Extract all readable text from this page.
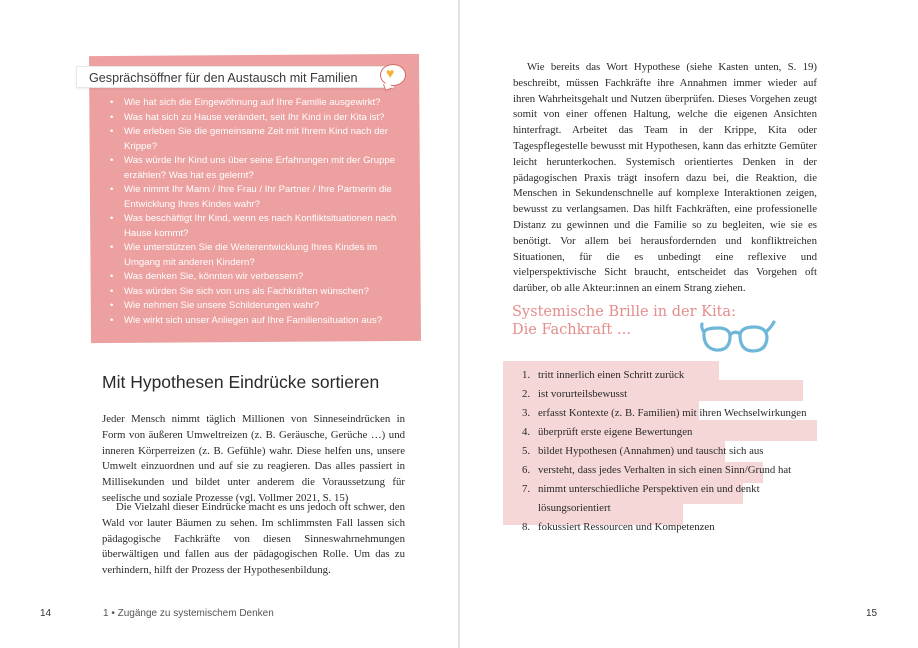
Gesprächsöffner für den Austausch mit Familien	♥
• Wie hat sich die Eingewöhnung auf Ihre Familie ausgewirkt?
• Was hat sich zu Hause verändert, seit Ihr Kind in der Kita ist?
• Wie erleben Sie die gemeinsame Zeit mit Ihrem Kind nach der Krippe?
• Was würde Ihr Kind uns über seine Erfahrungen mit der Gruppe erzählen? Was hat es gelernt?
• Wie nimmt Ihr Mann / Ihre Frau / Ihr Partner / Ihre Partnerin die Entwicklung Ihres Kindes wahr?
• Was beschäftigt Ihr Kind, wenn es nach Konfliktsituationen nach Hause kommt?
• Wie unterstützen Sie die Weiterentwicklung Ihres Kindes im Umgang mit anderen Kindern?
• Was denken Sie, könnten wir verbessern?
• Was würden Sie sich von uns als Fachkräften wünschen?
• Wie nehmen Sie unsere Schilderungen wahr?
• Wie wirkt sich unser Anliegen auf Ihre Familiensituation aus?
Mit Hypothesen Eindrücke sortieren

Jeder Mensch nimmt täglich Millionen von Sinneseindrücken in Form von äußeren Umweltreizen (z. B. Geräusche, Gerüche …) und inneren Körperreizen (z. B. Gefühle) wahr. Diese helfen uns, unsere Umwelt einzuordnen und auf sie zu reagieren. Das alles passiert in Millisekunden und bildet unter anderem die Voraussetzung für seelische und soziale Prozesse (vgl. Vollmer 2021, S. 15)

Die Vielzahl dieser Eindrücke macht es uns jedoch oft schwer, den Wald vor lauter Bäumen zu sehen. Im schlimmsten Fall lassen sich pädagogische Fachkräfte von diesen Sinneswahrnehmungen überwältigen und fallen aus der pädagogischen Rolle. Um das zu verhindern, hilft der Prozess der Hypothesenbildung.

14	1 • Zugänge zu systemischem Denken

Wie bereits das Wort Hypothese (siehe Kasten unten, S. 19) beschreibt, müssen Fachkräfte ihre Annahmen immer wieder auf ihren Wahrheitsgehalt und Nutzen überprüfen. Dieses Vorgehen zeugt somit von einer offenen Haltung, welche die eigenen Ansichten hinterfragt. Arbeitet das Team in der Krippe, Kita oder Tagespflegestelle bewusst mit Hypothesen, kann das erhitzte Gemüter leicht herunterkochen. Systemisch orientiertes Denken in der pädagogischen Praxis trägt insofern dazu bei, die Reaktion, die Menschen in Sekundenschnelle auf komplexe Interaktionen zeigen, bewusst zu verlangsamen. Das hilft Fachkräften, eine professionelle Distanz zu gewinnen und die Familie so zu begleiten, wie sie es benötigt. Vor allem bei herausfordernden und konfliktreichen Situationen, für die es unbedingt eine reflexive und vielperspektivische Sicht braucht, entscheidet das Vorgehen oft darüber, ob alle Akteur:innen an einem Strang ziehen.

Systemische Brille in der Kita:
Die Fachkraft …
1. tritt innerlich einen Schritt zurück
2. ist vorurteilsbewusst
3. erfasst Kontexte (z. B. Familien) mit ihren Wechselwirkungen
4. überprüft erste eigene Bewertungen
5. bildet Hypothesen (Annahmen) und tauscht sich aus
6. versteht, dass jedes Verhalten in sich einen Sinn/Grund hat
7. nimmt unterschiedliche Perspektiven ein und denkt lösungsorientiert
8. fokussiert Ressourcen und Kompetenzen
15
